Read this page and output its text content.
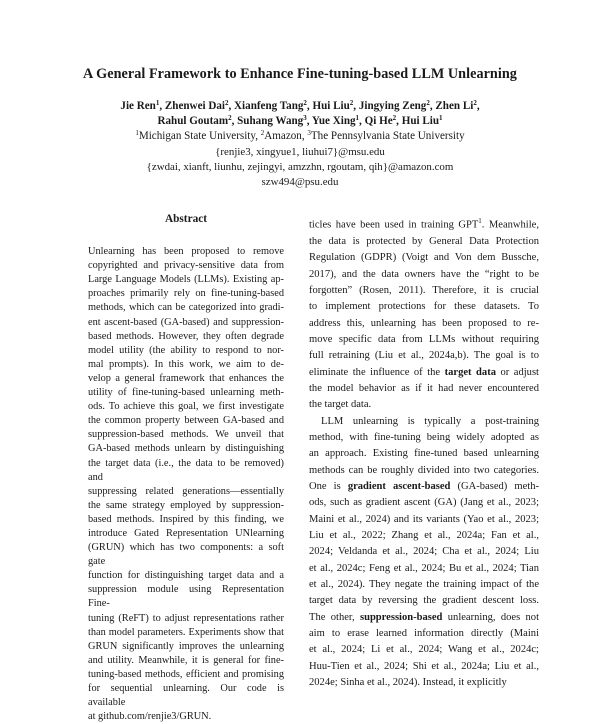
A General Framework to Enhance Fine-tuning-based LLM Unlearning
Jie Ren$^1$, Zhenwei Dai$^2$, Xianfeng Tang$^2$, Hui Liu$^2$, Jingying Zeng$^2$, Zhen Li$^2$,
Rahul Goutam$^2$, Suhang Wang$^3$, Yue Xing$^1$, Qi He$^2$, Hui Liu$^1$
$^1$Michigan State University, $^2$Amazon, $^3$The Pennsylvania State University
{renjie3, xingyue1, liuhui7}@msu.edu
{zwdai, xianft, liunhu, zejingyi, amzzhn, rgoutam, qih}@amazon.com
szw494@psu.edu
Abstract
Unlearning has been proposed to remove
copyrighted and privacy-sensitive data from
Large Language Models (LLMs). Existing ap-
proaches primarily rely on fine-tuning-based
methods, which can be categorized into gradi-
ent ascent-based (GA-based) and suppression-
based methods. However, they often degrade
model utility (the ability to respond to nor-
mal prompts). In this work, we aim to de-
velop a general framework that enhances the
utility of fine-tuning-based unlearning meth-
ods. To achieve this goal, we first investigate
the common property between GA-based and
suppression-based methods. We unveil that
GA-based methods unlearn by distinguishing
the target data (i.e., the data to be removed) and
suppressing related generations—essentially
the same strategy employed by suppression-
based methods. Inspired by this finding, we
introduce Gated Representation UNlearning
(GRUN) which has two components: a soft gate
function for distinguishing target data and a
suppression module using Representation Fine-
tuning (ReFT) to adjust representations rather
than model parameters. Experiments show that
GRUN significantly improves the unlearning
and utility. Meanwhile, it is general for fine-
tuning-based methods, efficient and promising
for sequential unlearning. Our code is available
at github.com/renjie3/GRUN.
ticles have been used in training GPT$^1$. Meanwhile,
the data is protected by General Data Protection
Regulation (GDPR) (Voigt and Von dem Bussche,
2017), and the data owners have the “right to be
forgotten” (Rosen, 2011). Therefore, it is crucial
to implement protections for these datasets. To
address this, unlearning has been proposed to re-
move specific data from LLMs without requiring
full retraining (Liu et al., 2024a,b). The goal is to
eliminate the influence of the target data or adjust
the model behavior as if it had never encountered
the target data.
LLM unlearning is typically a post-training
method, with fine-tuning being widely adopted as
an approach. Existing fine-tuned based unlearning
methods can be roughly divided into two categories.
One is gradient ascent-based (GA-based) meth-
ods, such as gradient ascent (GA) (Jang et al., 2023;
Maini et al., 2024) and its variants (Yao et al., 2023;
Liu et al., 2022; Zhang et al., 2024a; Fan et al.,
2024; Veldanda et al., 2024; Cha et al., 2024; Liu
et al., 2024c; Feng et al., 2024; Bu et al., 2024; Tian
et al., 2024). They negate the training impact of the
target data by reversing the gradient descent loss.
The other, suppression-based unlearning, does not
aim to erase learned information directly (Maini
et al., 2024; Li et al., 2024; Wang et al., 2024c;
Huu-Tien et al., 2024; Shi et al., 2024a; Liu et al.,
2024e; Sinha et al., 2024). Instead, it explicitly
